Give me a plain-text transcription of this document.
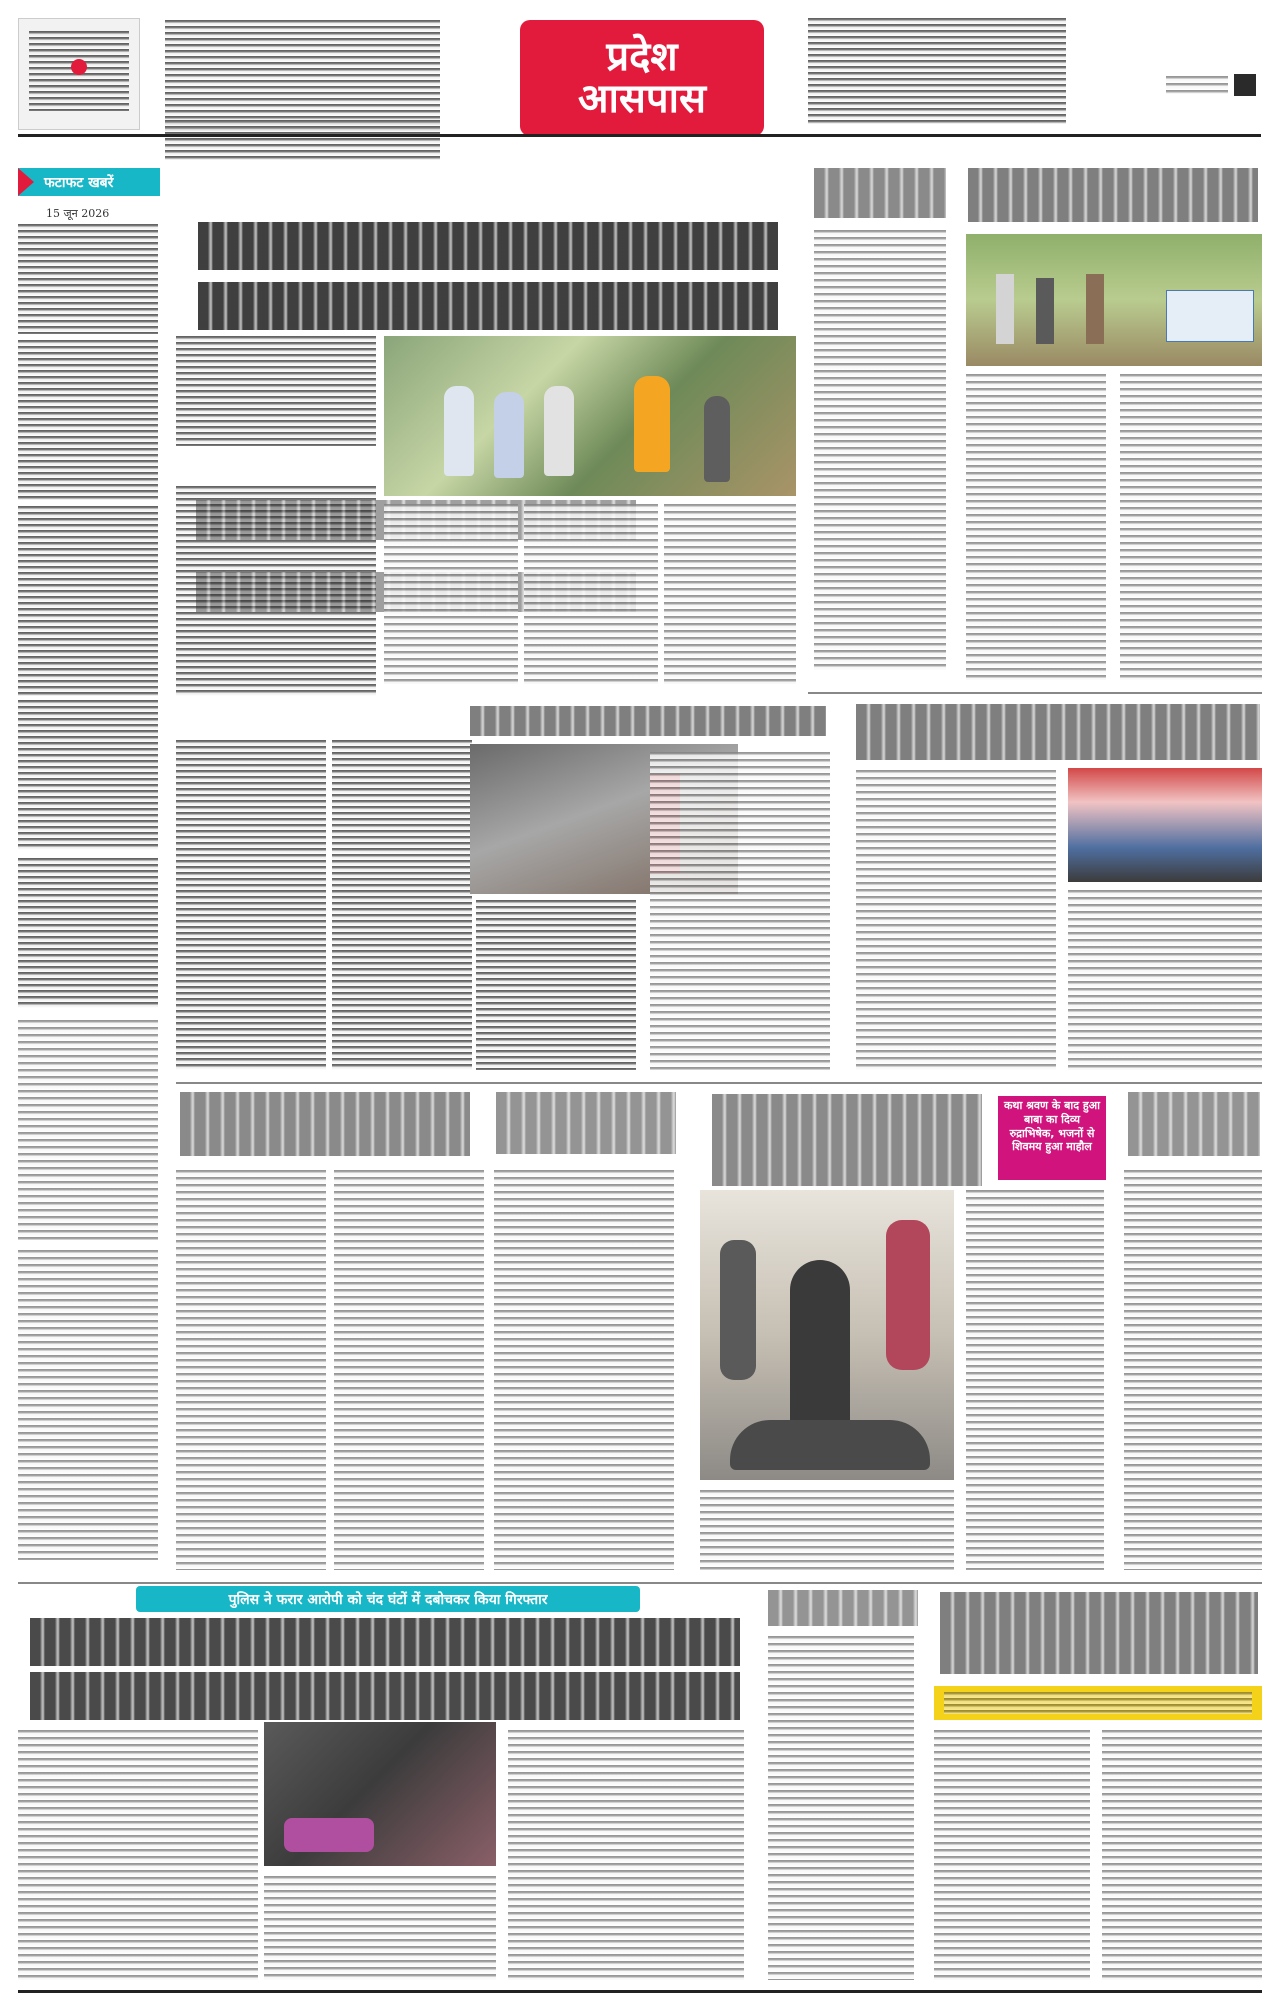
प्रदेश
आसपास
फटाफट खबरें
15 जून 2026
कथा श्रवण के बाद हुआ बाबा का दिव्य रुद्राभिषेक, भजनों से शिवमय हुआ माहौल
पुलिस ने फरार आरोपी को चंद घंटों में दबोचकर किया गिरफ्तार
